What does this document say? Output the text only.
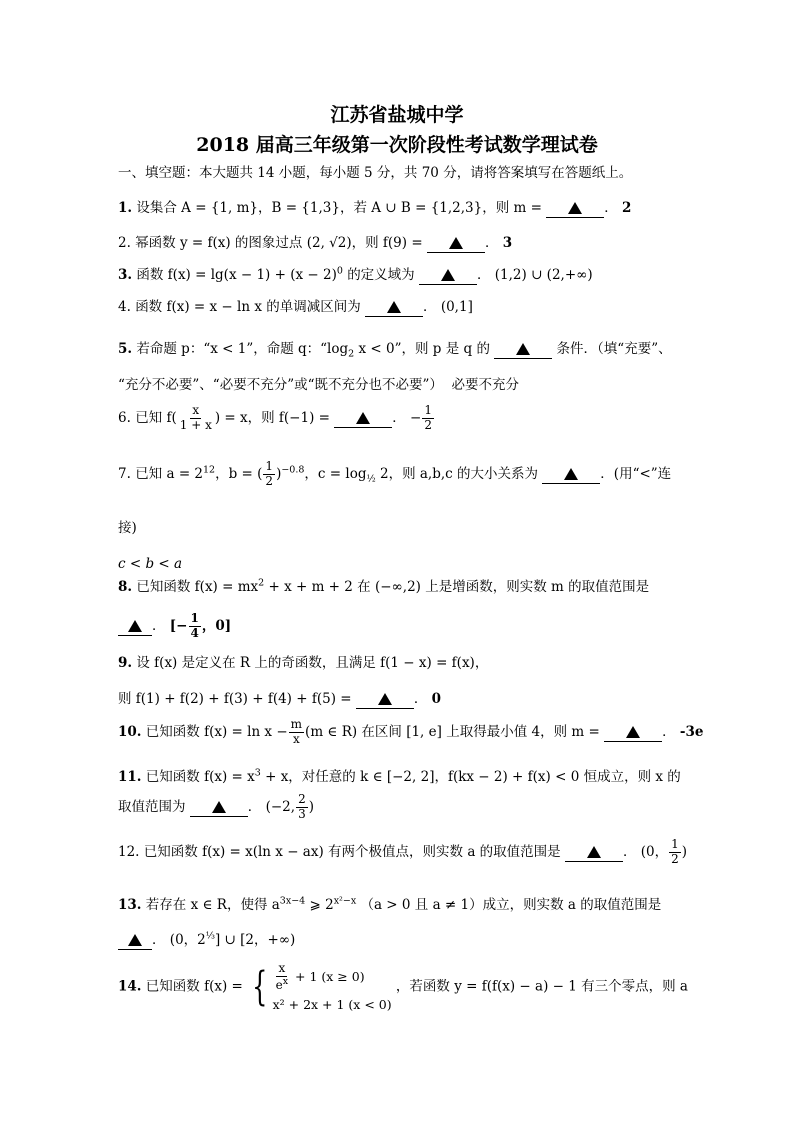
江苏省盐城中学
2018 届高三年级第一次阶段性考试数学理试卷
一、填空题：本大题共 14 小题，每小题 5 分，共 70 分，请将答案填写在答题纸上。
1. 设集合 A = {1, m}，B = {1,3}，若 A ∪ B = {1,2,3}，则 m =	． 2
2. 幂函数 y = f(x) 的图象过点 (2, √2)，则 f(9) =	． 3
3. 函数 $f(x) = \lg(x - 1) + (x - 2)^0$ 的定义域为	． (1,2) ∪ (2,+∞)
4. 函数 f(x) = x − ln x 的单调减区间为	． (0,1]
5. 若命题 p：“x < 1”，命题 q：“$\log_2$ x < 0”，则 p 是 q 的	条件．（填“充要”、
“充分不必要”、“必要不充分”或“既不充分也不必要”） 必要不充分
6. 已知 $f( \frac{x}{1 + x}$ ) = x，则 f(−1) =	． − $\frac{1}{2}$
7. 已知 $a = 2^{12}$，b = ( $\frac{1}{2} )^{-0.8}$，$c = \log_{\frac{1}{2}} 2$，则 a,b,c 的大小关系为	．(用“<”连
接)
c < b < a
8. 已知函数 $f(x) = mx^2 + x + m + 2$ 在 (−∞,2) 上是增函数，则实数 m 的取值范围是
． [− $\frac{1}{4}$ ，0]
9. 设 f(x) 是定义在 R 上的奇函数，且满足 f(1 − x) = f(x)，
则 f(1) + f(2) + f(3) + f(4) + f(5) =	． 0
10. 已知函数 $f(x) = \ln x - \frac{m}{x} (m$ ∈ R) 在区间 [1, e] 上取得最小值 4，则 m =	． -3e
11. 已知函数 $f(x) = x^3 + x$，对任意的 k ∈ [−2, 2]，f(kx − 2) + f(x) < 0 恒成立，则 x 的
取值范围为	． (−2, $\frac{2}{3}$ )
12. 已知函数 f(x) = x(ln x − ax) 有两个极值点，则实数 a 的取值范围是	． (0， $\frac{1}{2}$ )
13. 若存在 x ∈ R，使得 $a^{3x-4}$ ⩾ $2^{x^2-x}$ （a > 0 且 a ≠ 1）成立，则实数 a 的取值范围是
． (0，$2^{\frac{1}{3}}$] ∪ [2，+∞)
14. 已知函数 f(x) = { $\frac{x}{e^x} + 1$ (x ≥ 0)
x² + 2x + 1 (x < 0)
，若函数 y = f(f(x) − a) − 1 有三个零点，则 a
